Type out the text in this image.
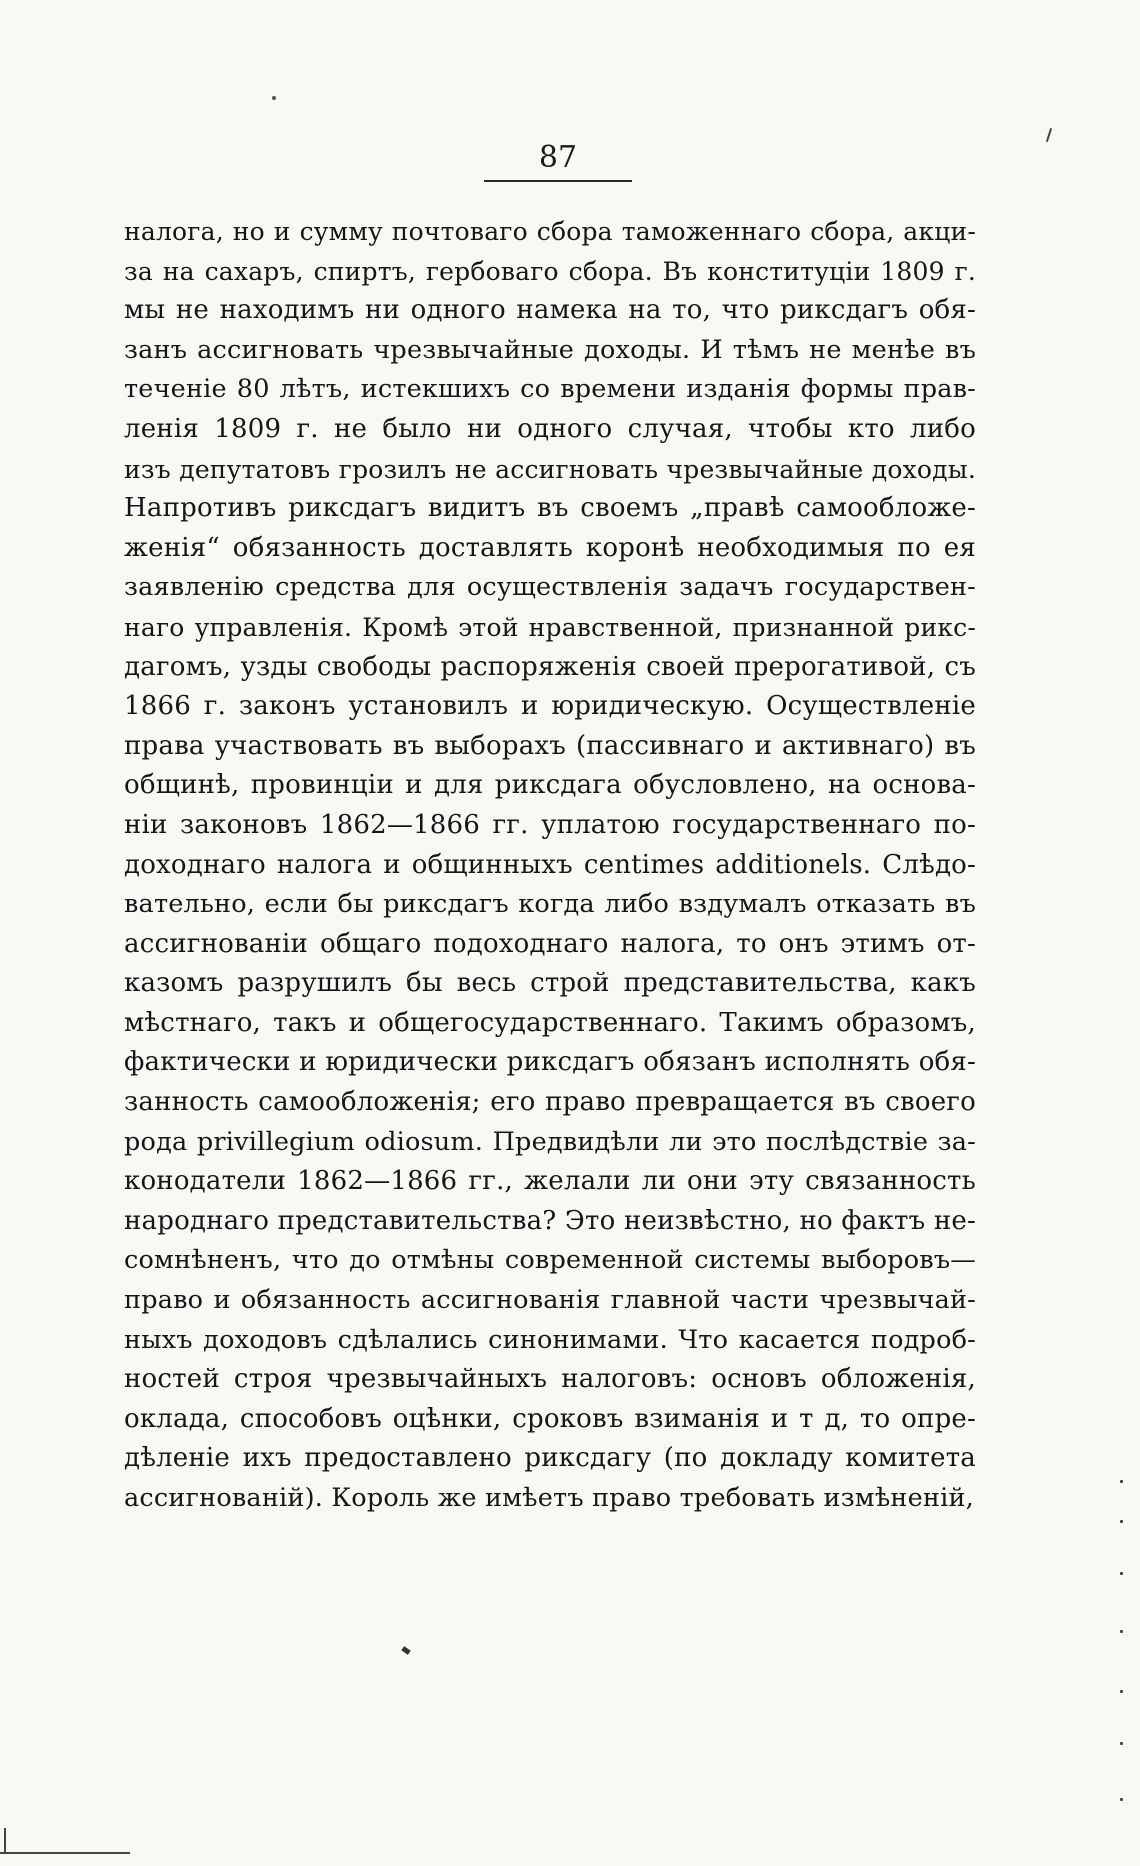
87
налога, но и сумму почтоваго сбора таможеннаго сбора, акци-
за на сахаръ, спиртъ, гербоваго сбора. Въ конституціи 1809 г.
мы не находимъ ни одного намека на то, что риксдагъ обя-
занъ ассигновать чрезвычайные доходы. И тѣмъ не менѣе въ
теченіе 80 лѣтъ, истекшихъ со времени изданія формы прав-
ленія 1809 г. не было ни одного случая, чтобы кто либо
изъ депутатовъ грозилъ не ассигновать чрезвычайные доходы.
Напротивъ риксдагъ видитъ въ своемъ „правѣ самообложе-
женія“ обязанность доставлять коронѣ необходимыя по ея
заявленію средства для осуществленія задачъ государствен-
наго управленія. Кромѣ этой нравственной, признанной рикс-
дагомъ, узды свободы распоряженія своей прерогативой, съ
1866 г. законъ установилъ и юридическую. Осуществленіе
права участвовать въ выборахъ (пассивнаго и активнаго) въ
общинѣ, провинціи и для риксдага обусловлено, на основа-
ніи законовъ 1862—1866 гг. уплатою государственнаго по-
доходнаго налога и общинныхъ centimes additionels. Слѣдо-
вательно, если бы риксдагъ когда либо вздумалъ отказать въ
ассигнованіи общаго подоходнаго налога, то онъ этимъ от-
казомъ разрушилъ бы весь строй представительства, какъ
мѣстнаго, такъ и общегосударственнаго. Такимъ образомъ,
фактически и юридически риксдагъ обязанъ исполнять обя-
занность самообложенія; его право превращается въ своего
рода privillegium odiosum. Предвидѣли ли это послѣдствіе за-
конодатели 1862—1866 гг., желали ли они эту связанность
народнаго представительства? Это неизвѣстно, но фактъ не-
сомнѣненъ, что до отмѣны современной системы выборовъ—
право и обязанность ассигнованія главной части чрезвычай-
ныхъ доходовъ сдѣлались синонимами. Что касается подроб-
ностей строя чрезвычайныхъ налоговъ: основъ обложенія,
оклада, способовъ оцѣнки, сроковъ взиманія и т д, то опре-
дѣленіе ихъ предоставлено риксдагу (по докладу комитета
ассигнованій). Король же имѣетъ право требовать измѣненій,
